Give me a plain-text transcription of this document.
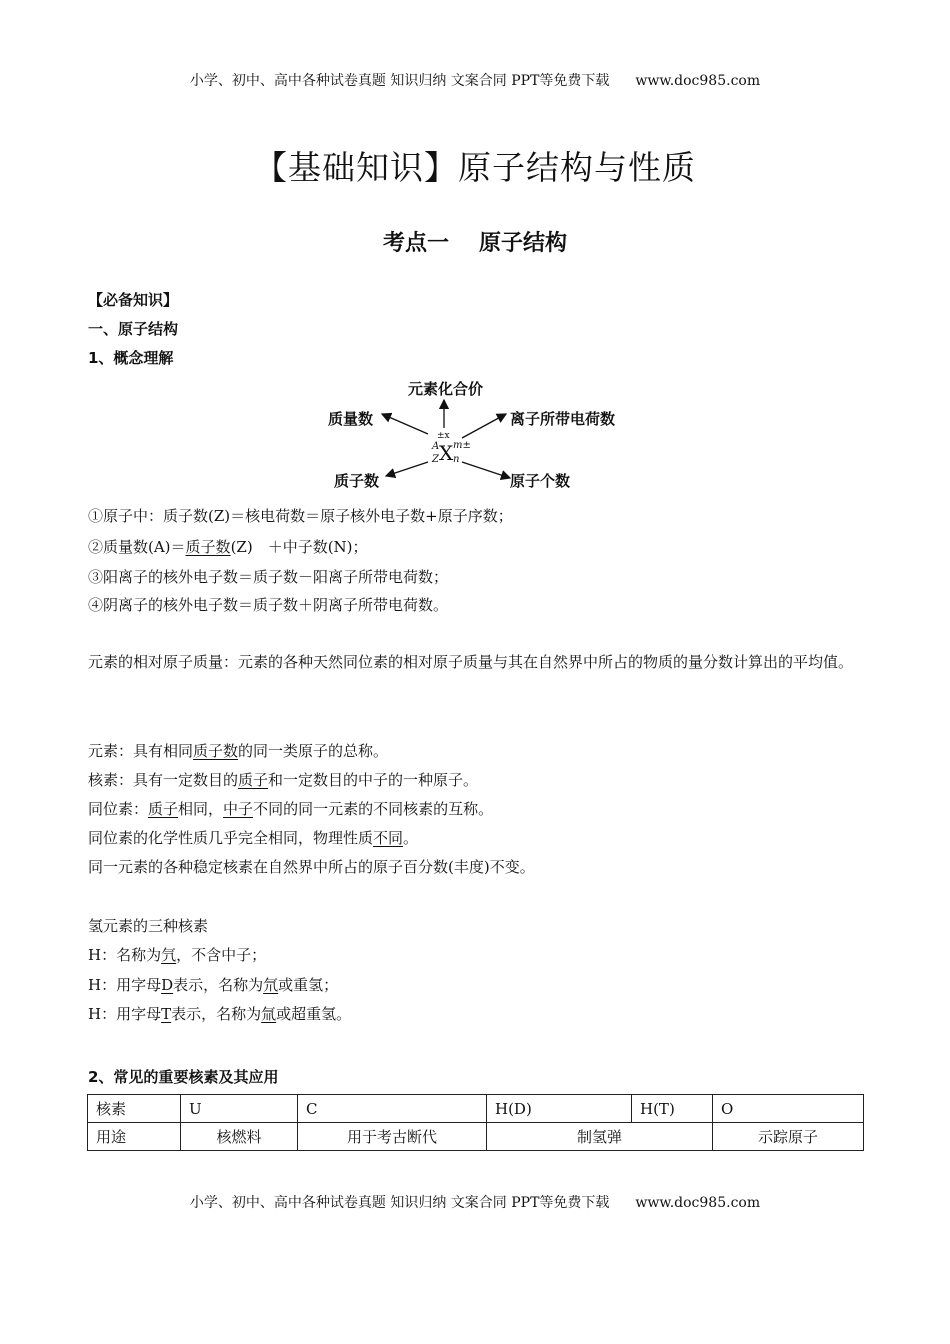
小学、初中、高中各种试卷真题 知识归纳 文案合同 PPT等免费下载 www.doc985.com
【基础知识】原子结构与性质
考点一 原子结构
【必备知识】
一、原子结构
1、概念理解
元素化合价
质量数	离子所带电荷数
质子数	原子个数
±x
A
Z X m±
n
①原子中：质子数(Z)＝核电荷数＝原子核外电子数+原子序数；
②质量数(A)＝质子数(Z)　＋中子数(N)；
③阳离子的核外电子数＝质子数－阳离子所带电荷数；
④阴离子的核外电子数＝质子数＋阴离子所带电荷数。
元素的相对原子质量：元素的各种天然同位素的相对原子质量与其在自然界中所占的物质的量分数计算出的平均值。
元素：具有相同质子数的同一类原子的总称。
核素：具有一定数目的质子和一定数目的中子的一种原子。
同位素：质子相同，中子不同的同一元素的不同核素的互称。
同位素的化学性质几乎完全相同，物理性质不同。
同一元素的各种稳定核素在自然界中所占的原子百分数(丰度)不变。
氢元素的三种核素
H：名称为氕，不含中子；
H：用字母D表示，名称为氘或重氢；
H：用字母T表示，名称为氚或超重氢。
2、常见的重要核素及其应用
核素	U	C	H(D)	H(T)	O
用途	核燃料	用于考古断代	制氢弹		示踪原子
小学、初中、高中各种试卷真题 知识归纳 文案合同 PPT等免费下载 www.doc985.com
